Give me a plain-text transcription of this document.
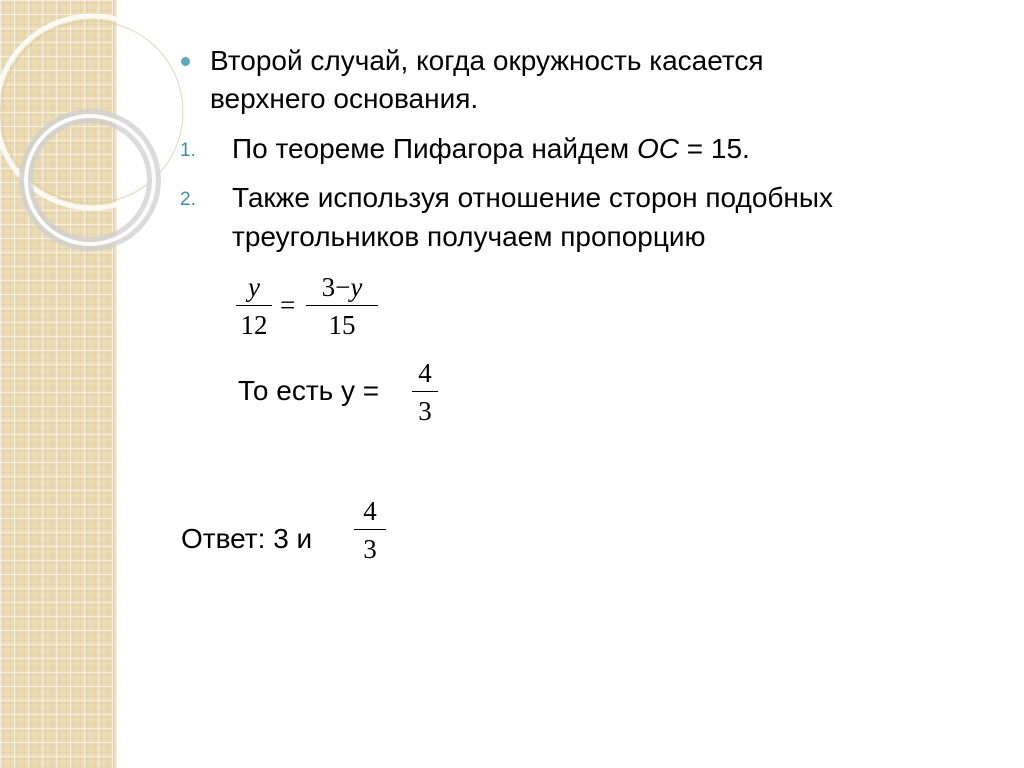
Второй случай, когда окружность касается

верхнего основания.

1. По теореме Пифагора найдем OC = 15.

2. Также используя отношение сторон подобных

треугольников получаем пропорцию

y
12
=
3−y
15

То есть y =

4
3

Ответ: 3 и

4
3
